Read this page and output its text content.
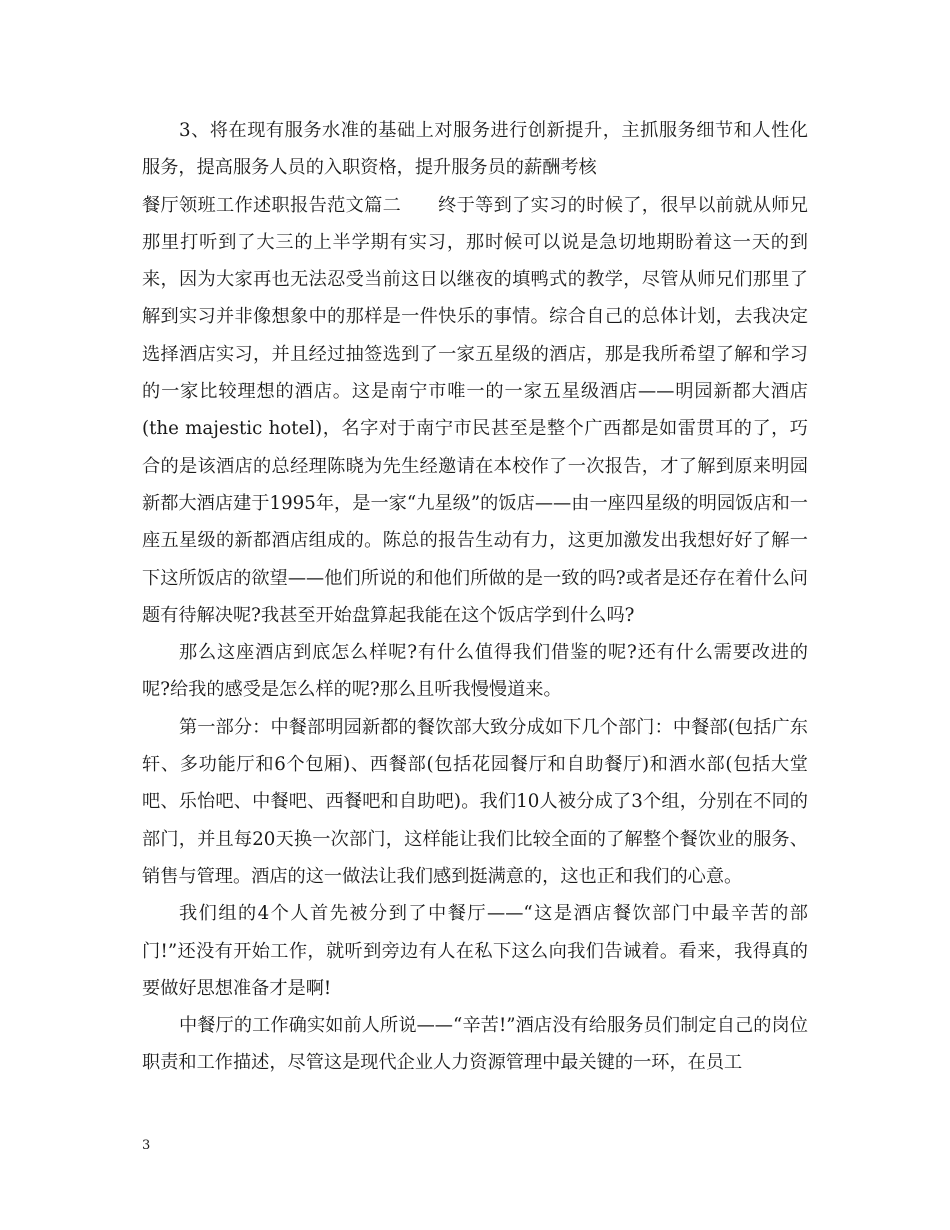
3、将在现有服务水准的基础上对服务进行创新提升，主抓服务细节和人性化服务，提高服务人员的入职资格，提升服务员的薪酬考核

餐厅领班工作述职报告范文篇二　　终于等到了实习的时候了，很早以前就从师兄那里打听到了大三的上半学期有实习，那时候可以说是急切地期盼着这一天的到来，因为大家再也无法忍受当前这日以继夜的填鸭式的教学，尽管从师兄们那里了解到实习并非像想象中的那样是一件快乐的事情。综合自己的总体计划，去我决定选择酒店实习，并且经过抽签选到了一家五星级的酒店，那是我所希望了解和学习的一家比较理想的酒店。这是南宁市唯一的一家五星级酒店——明园新都大酒店(the majestic hotel)，名字对于南宁市民甚至是整个广西都是如雷贯耳的了，巧合的是该酒店的总经理陈晓为先生经邀请在本校作了一次报告，才了解到原来明园新都大酒店建于1995年，是一家“九星级”的饭店——由一座四星级的明园饭店和一座五星级的新都酒店组成的。陈总的报告生动有力，这更加激发出我想好好了解一下这所饭店的欲望——他们所说的和他们所做的是一致的吗?或者是还存在着什么问题有待解决呢?我甚至开始盘算起我能在这个饭店学到什么吗?

那么这座酒店到底怎么样呢?有什么值得我们借鉴的呢?还有什么需要改进的呢?给我的感受是怎么样的呢?那么且听我慢慢道来。

第一部分：中餐部明园新都的餐饮部大致分成如下几个部门：中餐部(包括广东轩、多功能厅和6个包厢)、西餐部(包括花园餐厅和自助餐厅)和酒水部(包括大堂吧、乐怡吧、中餐吧、西餐吧和自助吧)。我们10人被分成了3个组，分别在不同的部门，并且每20天换一次部门，这样能让我们比较全面的了解整个餐饮业的服务、销售与管理。酒店的这一做法让我们感到挺满意的，这也正和我们的心意。

我们组的4个人首先被分到了中餐厅——“这是酒店餐饮部门中最辛苦的部门!”还没有开始工作，就听到旁边有人在私下这么向我们告诫着。看来，我得真的要做好思想准备才是啊!

中餐厅的工作确实如前人所说——“辛苦!”酒店没有给服务员们制定自己的岗位职责和工作描述，尽管这是现代企业人力资源管理中最关键的一环，在员工

3
